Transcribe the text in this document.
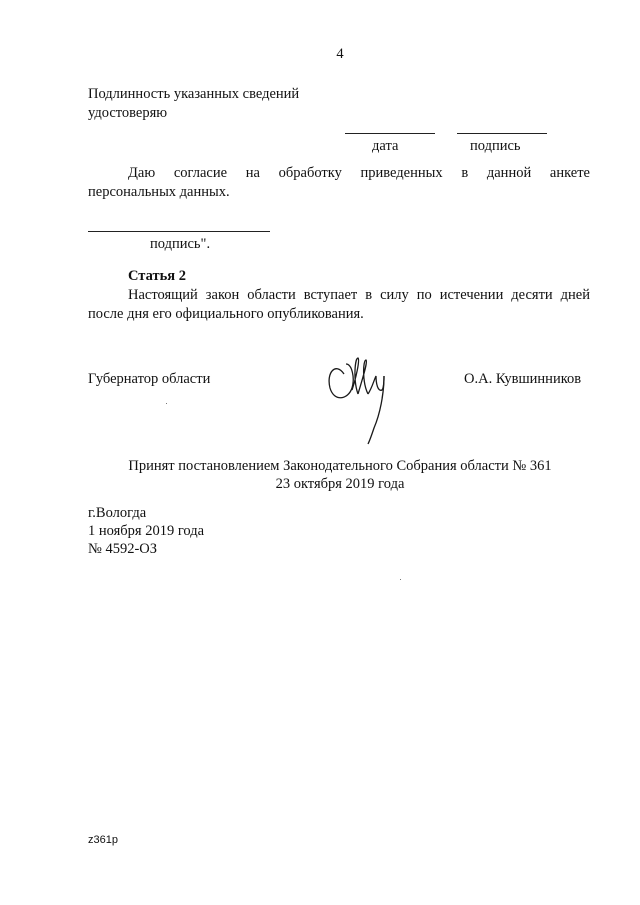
4
Подлинность указанных сведений
удостоверяю
дата	подпись
Даю согласие на обработку приведенных в данной анкете
персональных данных.
подпись".
Статья 2
Настоящий закон области вступает в силу по истечении десяти дней
после дня его официального опубликования.
Губернатор области	О.А. Кувшинников
Принят постановлением Законодательного Собрания области № 361
23 октября 2019 года
г.Вологда
1 ноября 2019 года
№ 4592-ОЗ
z361p
